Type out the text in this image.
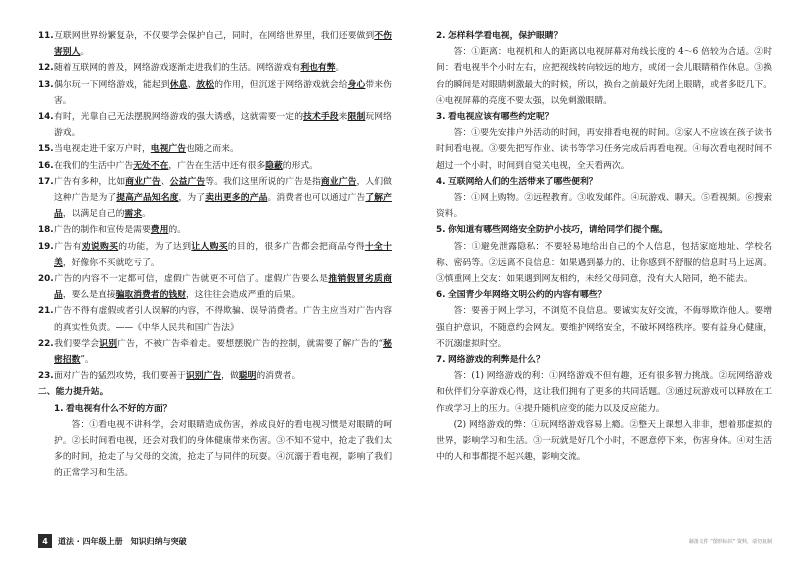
11.互联网世界纷繁复杂，不仅要学会保护自己，同时，在网络世界里，我们还要做到不伤害别人。

12.随着互联网的普及，网络游戏逐渐走进我们的生活。网络游戏有利也有弊。

13.偶尔玩一下网络游戏，能起到休息、放松的作用，但沉迷于网络游戏就会给身心带来伤害。

14.有时，光靠自己无法摆脱网络游戏的强大诱惑，这就需要一定的技术手段来限制玩网络游戏。

15.当电视走进千家万户时，电视广告也随之而来。

16.在我们的生活中广告无处不在，广告在生活中还有很多隐蔽的形式。

17.广告有多种，比如商业广告、公益广告等。我们这里所说的广告是指商业广告，人们做这种广告是为了提高产品知名度，为了卖出更多的产品。消费者也可以通过广告了解产品，以满足自己的需求。

18.广告的制作和宣传是需要费用的。

19.广告有劝说购买的功能，为了达到让人购买的目的，很多广告都会把商品夸得十全十美，好像你不买就吃亏了。

20.广告的内容不一定都可信，虚假广告就更不可信了。虚假广告要么是推销假冒劣质商品，要么是直接骗取消费者的钱财，这往往会造成严重的后果。

21.广告不得有虚假或者引人误解的内容，不得欺骗、误导消费者。广告主应当对广告内容的真实性负责。——《中华人民共和国广告法》

22.我们要学会识别广告，不被广告牵着走。要想摆脱广告的控制，就需要了解广告的“秘密招数”。

23.面对广告的猛烈攻势，我们要善于识别广告，做聪明的消费者。

二、能力提升站。

1. 看电视有什么不好的方面？

答：①看电视不讲科学，会对眼睛造成伤害，养成良好的看电视习惯是对眼睛的呵护。②长时间看电视，还会对我们的身体健康带来伤害。③不知不觉中，抢走了我们太多的时间，抢走了与父母的交流，抢走了与同伴的玩耍。④沉溺于看电视，影响了我们的正常学习和生活。

2. 怎样科学看电视，保护眼睛？

答：①距离：电视机和人的距离以电视屏幕对角线长度的 4～6 倍较为合适。②时间：看电视半个小时左右，应把视线转向较远的地方，或闭一会儿眼睛稍作休息。③换台的瞬间是对眼睛刺激最大的时候，所以，换台之前最好先闭上眼睛，或者多眨几下。④电视屏幕的亮度不要太强，以免刺激眼睛。

3. 看电视应该有哪些约定呢？

答：①要先安排户外活动的时间，再安排看电视的时间。②家人不应该在孩子读书时间看电视。③要先把写作业、读书等学习任务完成后再看电视。④每次看电视时间不超过一个小时，时间到自觉关电视，全天看两次。

4. 互联网给人们的生活带来了哪些便利？

答：①网上购物。②远程教育。③收发邮件。④玩游戏、聊天。⑤看视频。⑥搜索资料。

5. 你知道有哪些网络安全防护小技巧，请给同学们提个醒。

答：①避免泄露隐私：不要轻易地给出自己的个人信息，包括家庭地址、学校名称、密码等。②远离不良信息：如果遇到暴力的、让你感到不舒服的信息时马上远离。③慎重网上交友：如果遇到网友相约，未经父母同意，没有大人陪同，绝不能去。

6. 全国青少年网络文明公约的内容有哪些？

答：要善于网上学习，不浏览不良信息。要诚实友好交流，不侮辱欺诈他人。要增强自护意识，不随意约会网友。要维护网络安全，不破坏网络秩序。要有益身心健康，不沉溺虚拟时空。

7. 网络游戏的利弊是什么？

答：(1) 网络游戏的利：①网络游戏不但有趣，还有很多智力挑战。②玩网络游戏和伙伴们分享游戏心得，这让我们拥有了更多的共同话题。③通过玩游戏可以释放在工作或学习上的压力。④提升随机应变的能力以及反应能力。

(2) 网络游戏的弊：①玩网络游戏容易上瘾。②整天上课想入非非，想着那虚拟的世界，影响学习和生活。③一玩就是好几个小时，不愿意停下来，伤害身体。④对生活中的人和事都提不起兴趣，影响交流。

4	道法 · 四年级上册　知识归纳与突破	制备文件 “图形标识” 资料，请勿复制
